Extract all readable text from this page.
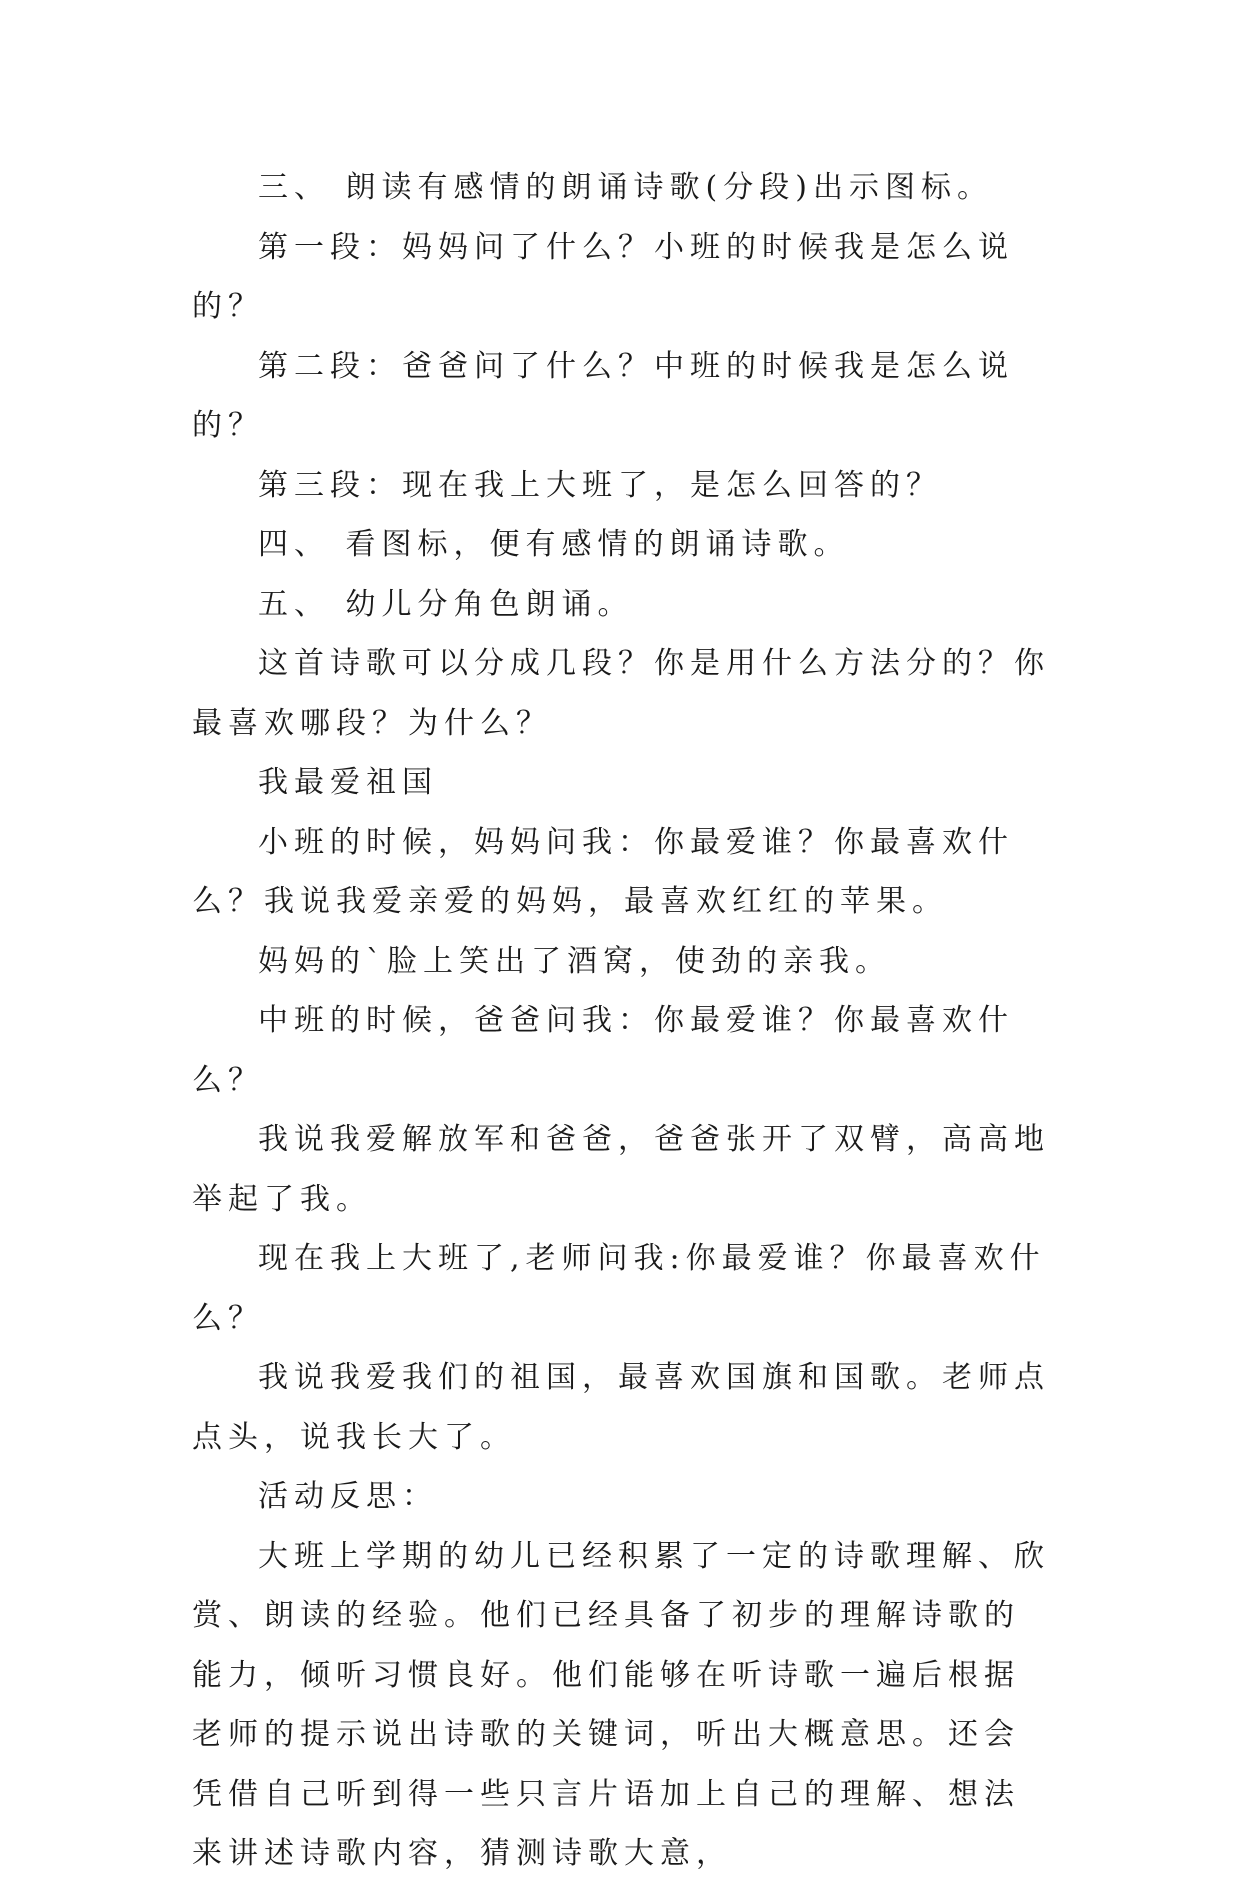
三、 朗读有感情的朗诵诗歌(分段)出示图标。

第一段：妈妈问了什么？小班的时候我是怎么说的？

第二段：爸爸问了什么？中班的时候我是怎么说的？

第三段：现在我上大班了，是怎么回答的？

四、 看图标，便有感情的朗诵诗歌。

五、 幼儿分角色朗诵。

这首诗歌可以分成几段？你是用什么方法分的？你最喜欢哪段？为什么？

我最爱祖国

小班的时候，妈妈问我：你最爱谁？你最喜欢什么？我说我爱亲爱的妈妈，最喜欢红红的苹果。

妈妈的`脸上笑出了酒窝，使劲的亲我。

中班的时候，爸爸问我：你最爱谁？你最喜欢什么？

我说我爱解放军和爸爸，爸爸张开了双臂，高高地举起了我。

现在我上大班了,老师问我:你最爱谁？你最喜欢什么？

我说我爱我们的祖国，最喜欢国旗和国歌。老师点点头，说我长大了。

活动反思：

大班上学期的幼儿已经积累了一定的诗歌理解、欣赏、朗读的经验。他们已经具备了初步的理解诗歌的能力，倾听习惯良好。他们能够在听诗歌一遍后根据老师的提示说出诗歌的关键词，听出大概意思。还会凭借自己听到得一些只言片语加上自己的理解、想法来讲述诗歌内容，猜测诗歌大意，
